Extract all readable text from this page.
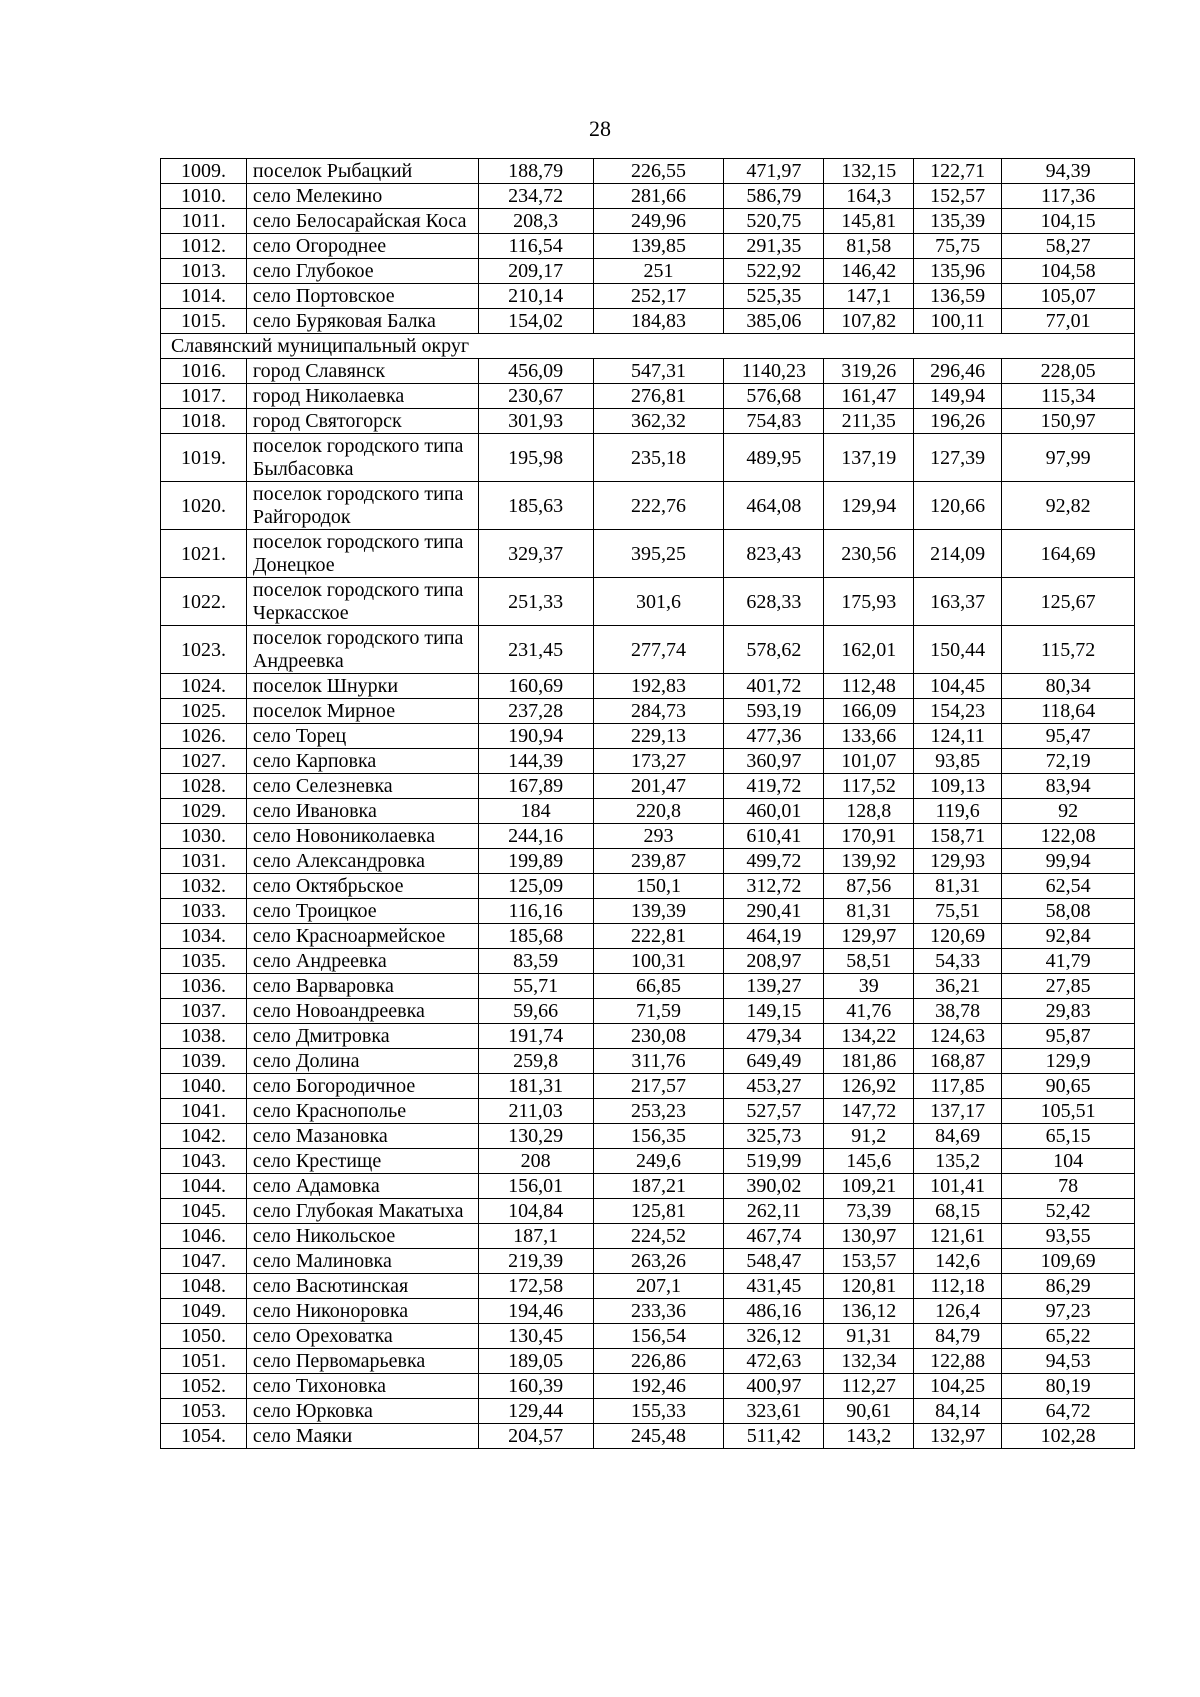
28
1009.	поселок Рыбацкий	188,79	226,55	471,97	132,15	122,71	94,39
1010.	село Мелекино	234,72	281,66	586,79	164,3	152,57	117,36
1011.	село Белосарайская Коса	208,3	249,96	520,75	145,81	135,39	104,15
1012.	село Огороднее	116,54	139,85	291,35	81,58	75,75	58,27
1013.	село Глубокое	209,17	251	522,92	146,42	135,96	104,58
1014.	село Портовское	210,14	252,17	525,35	147,1	136,59	105,07
1015.	село Буряковая Балка	154,02	184,83	385,06	107,82	100,11	77,01
Славянский муниципальный округ							
1016.	город Славянск	456,09	547,31	1140,23	319,26	296,46	228,05
1017.	город Николаевка	230,67	276,81	576,68	161,47	149,94	115,34
1018.	город Святогорск	301,93	362,32	754,83	211,35	196,26	150,97
1019.	поселок городского типа Былбасовка	195,98	235,18	489,95	137,19	127,39	97,99
1020.	поселок городского типа Райгородок	185,63	222,76	464,08	129,94	120,66	92,82
1021.	поселок городского типа Донецкое	329,37	395,25	823,43	230,56	214,09	164,69
1022.	поселок городского типа Черкасское	251,33	301,6	628,33	175,93	163,37	125,67
1023.	поселок городского типа Андреевка	231,45	277,74	578,62	162,01	150,44	115,72
1024.	поселок Шнурки	160,69	192,83	401,72	112,48	104,45	80,34
1025.	поселок Мирное	237,28	284,73	593,19	166,09	154,23	118,64
1026.	село Торец	190,94	229,13	477,36	133,66	124,11	95,47
1027.	село Карповка	144,39	173,27	360,97	101,07	93,85	72,19
1028.	село Селезневка	167,89	201,47	419,72	117,52	109,13	83,94
1029.	село Ивановка	184	220,8	460,01	128,8	119,6	92
1030.	село Новониколаевка	244,16	293	610,41	170,91	158,71	122,08
1031.	село Александровка	199,89	239,87	499,72	139,92	129,93	99,94
1032.	село Октябрьское	125,09	150,1	312,72	87,56	81,31	62,54
1033.	село Троицкое	116,16	139,39	290,41	81,31	75,51	58,08
1034.	село Красноармейское	185,68	222,81	464,19	129,97	120,69	92,84
1035.	село Андреевка	83,59	100,31	208,97	58,51	54,33	41,79
1036.	село Варваровка	55,71	66,85	139,27	39	36,21	27,85
1037.	село Новоандреевка	59,66	71,59	149,15	41,76	38,78	29,83
1038.	село Дмитровка	191,74	230,08	479,34	134,22	124,63	95,87
1039.	село Долина	259,8	311,76	649,49	181,86	168,87	129,9
1040.	село Богородичное	181,31	217,57	453,27	126,92	117,85	90,65
1041.	село Краснополье	211,03	253,23	527,57	147,72	137,17	105,51
1042.	село Мазановка	130,29	156,35	325,73	91,2	84,69	65,15
1043.	село Крестище	208	249,6	519,99	145,6	135,2	104
1044.	село Адамовка	156,01	187,21	390,02	109,21	101,41	78
1045.	село Глубокая Макатыха	104,84	125,81	262,11	73,39	68,15	52,42
1046.	село Никольское	187,1	224,52	467,74	130,97	121,61	93,55
1047.	село Малиновка	219,39	263,26	548,47	153,57	142,6	109,69
1048.	село Васютинская	172,58	207,1	431,45	120,81	112,18	86,29
1049.	село Никоноровка	194,46	233,36	486,16	136,12	126,4	97,23
1050.	село Ореховатка	130,45	156,54	326,12	91,31	84,79	65,22
1051.	село Первомарьевка	189,05	226,86	472,63	132,34	122,88	94,53
1052.	село Тихоновка	160,39	192,46	400,97	112,27	104,25	80,19
1053.	село Юрковка	129,44	155,33	323,61	90,61	84,14	64,72
1054.	село Маяки	204,57	245,48	511,42	143,2	132,97	102,28
